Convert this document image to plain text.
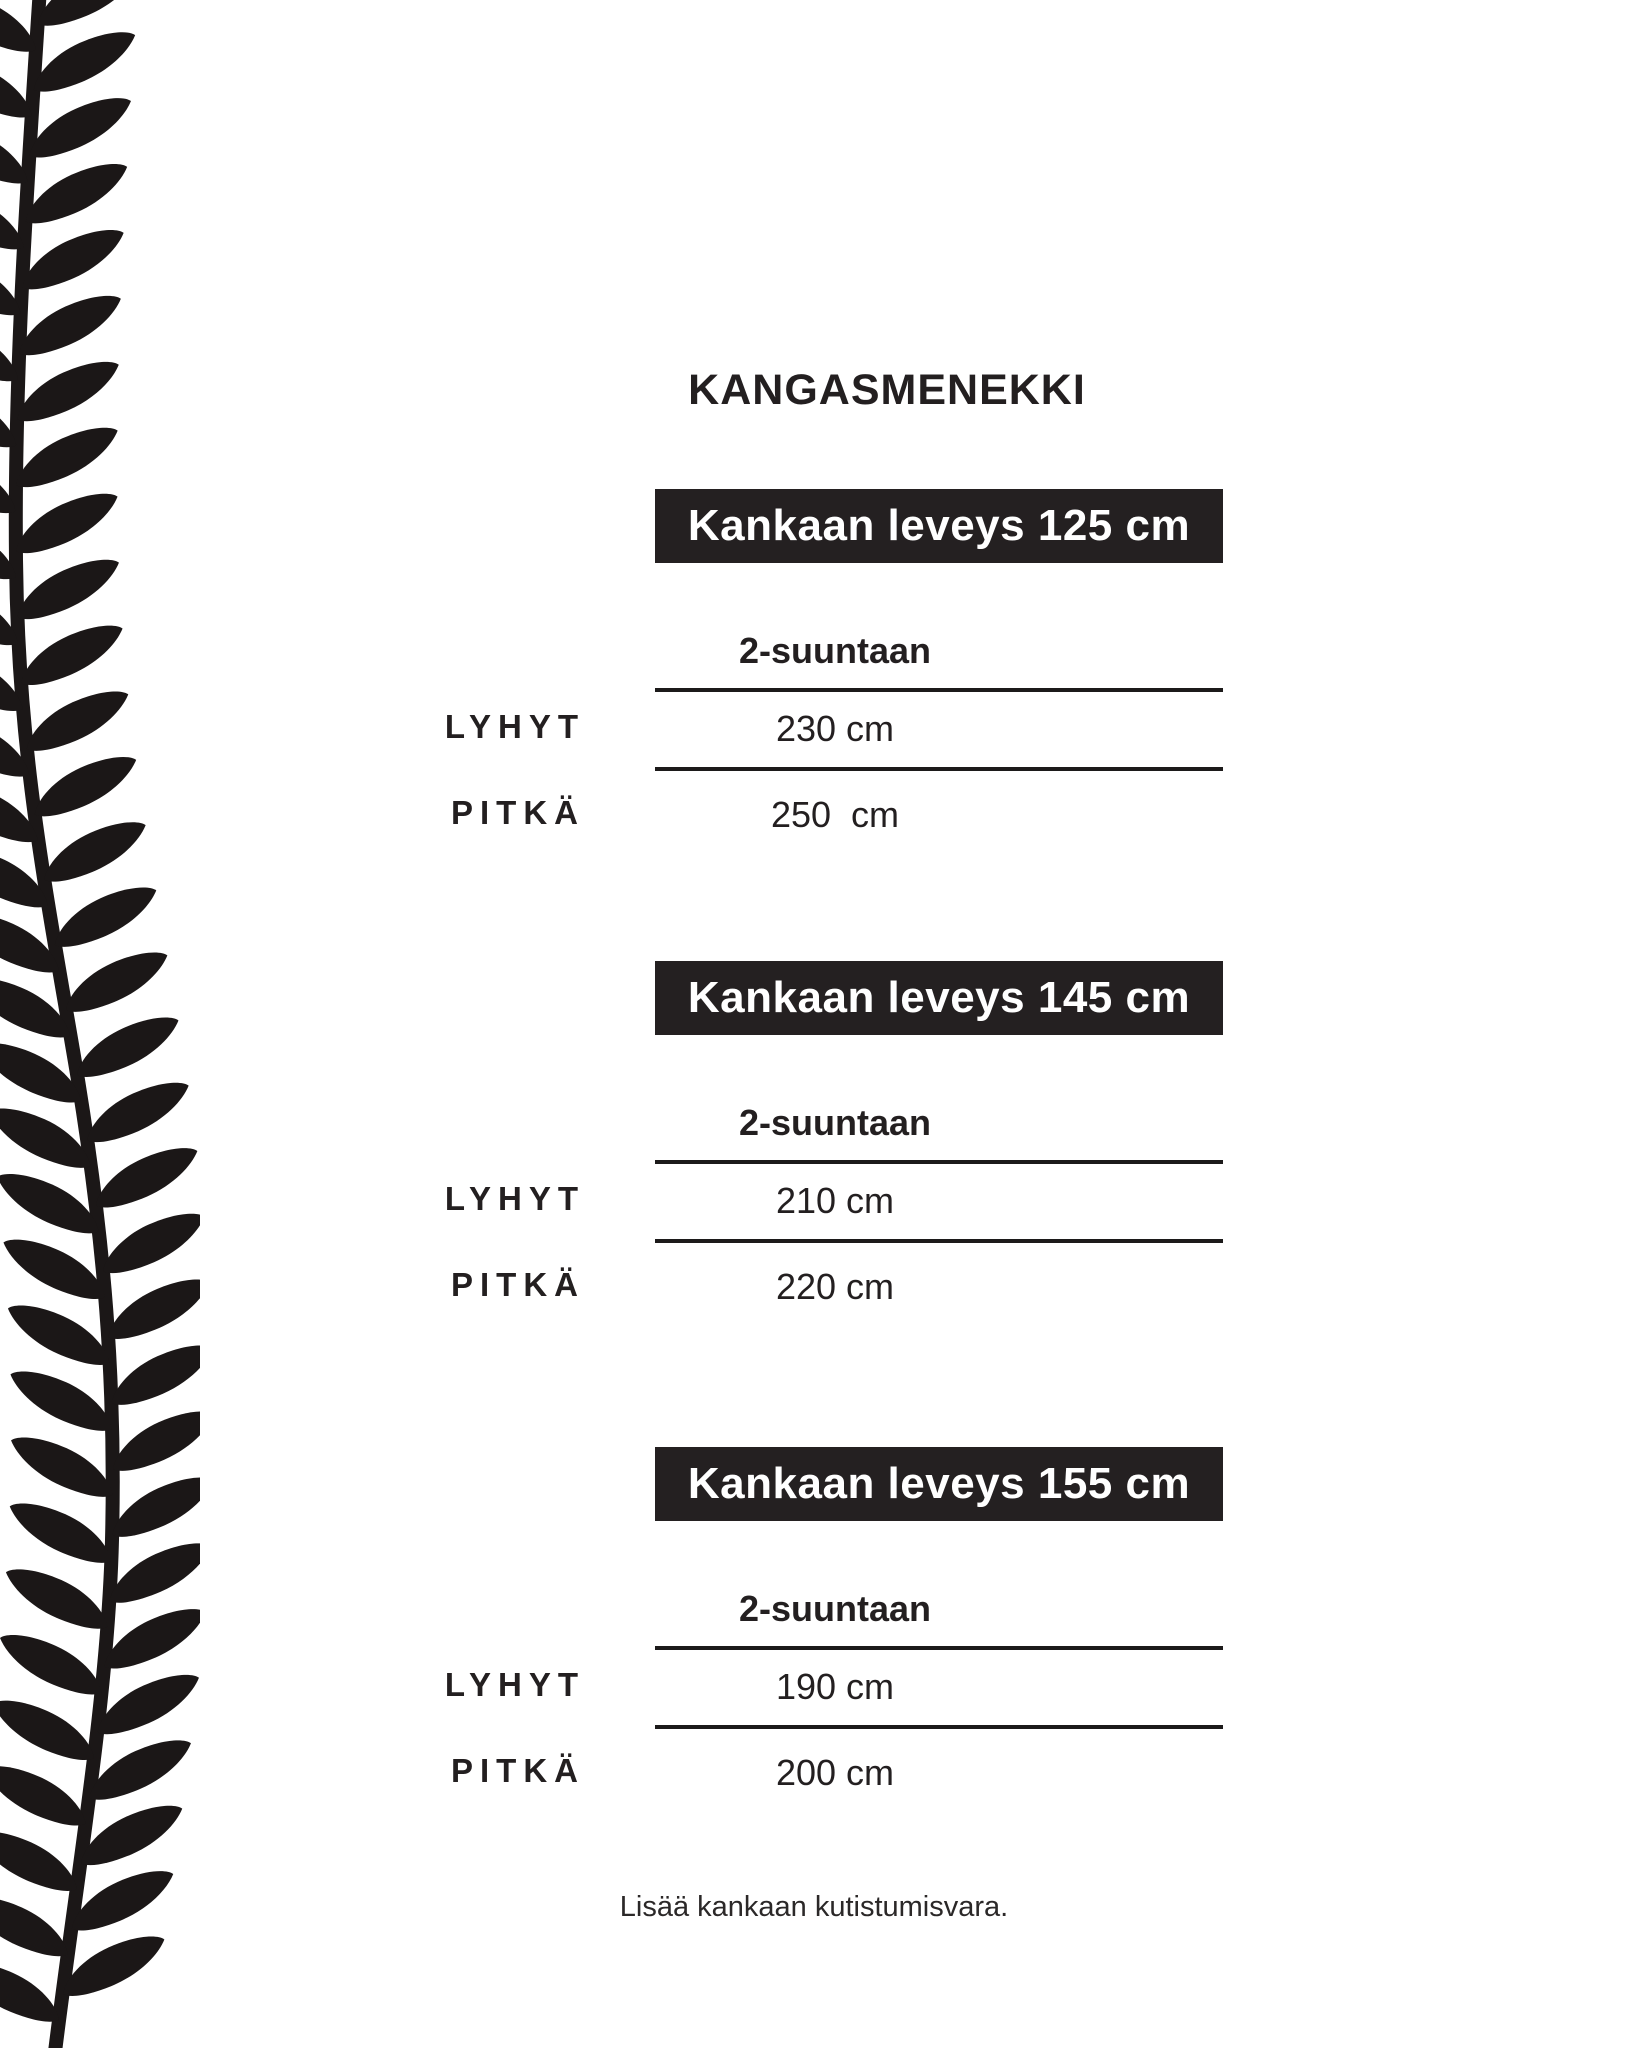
KANGASMENEKKI
Kankaan leveys 125 cm
2-suuntaan
LYHYT	230 cm
PITKÄ	250  cm
Kankaan leveys 145 cm
2-suuntaan
LYHYT	210 cm
PITKÄ	220 cm
Kankaan leveys 155 cm
2-suuntaan
LYHYT	190 cm
PITKÄ	200 cm

Lisää kankaan kutistumisvara.
